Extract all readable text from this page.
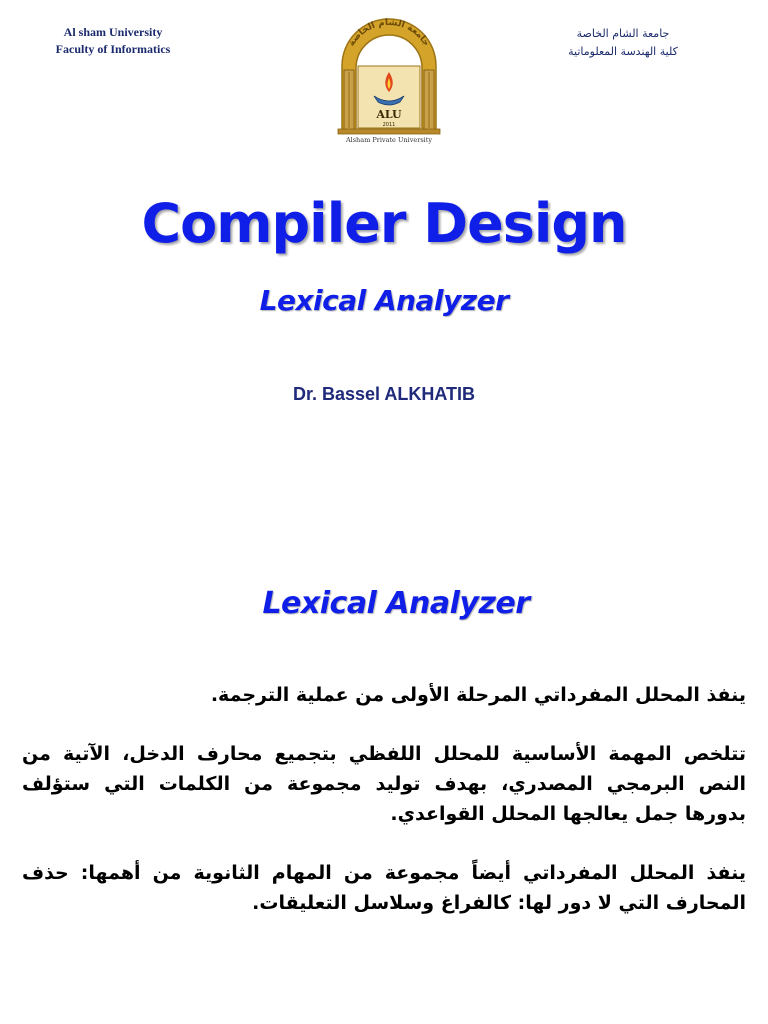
Al sham University
Faculty of Informatics	جامعة الشام الخاصة
ALU
2011
Alsham Private University
جامعة الشام الخاصة
كلية الهندسة المعلوماتية
Compiler Design
Lexical Analyzer
Dr. Bassel ALKHATIB
Lexical Analyzer

ينفذ المحلل المفرداتي المرحلة الأولى من عملية الترجمة.

تتلخص المهمة الأساسية للمحلل اللفظي بتجميع محارف الدخل، الآتية من النص البرمجي المصدري، بهدف توليد مجموعة من الكلمات التي ستؤلف بدورها جمل يعالجها المحلل القواعدي.

ينفذ المحلل المفرداتي أيضاً مجموعة من المهام الثانوية من أهمها: حذف المحارف التي لا دور لها: كالفراغ وسلاسل التعليقات.
